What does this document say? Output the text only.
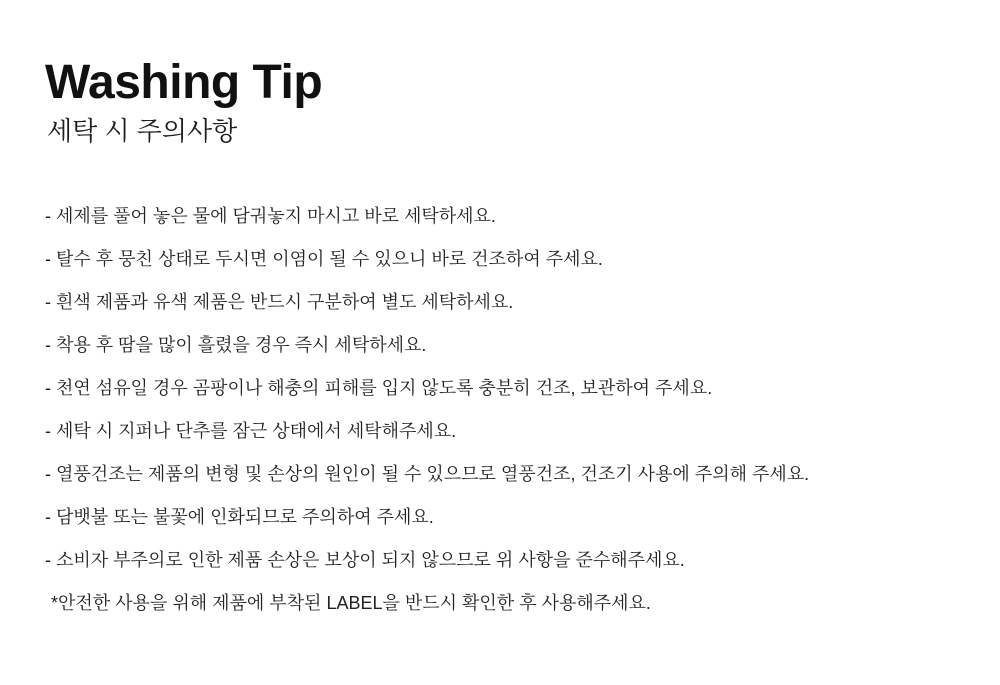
Washing Tip
세탁 시 주의사항
- 세제를 풀어 놓은 물에 담궈놓지 마시고 바로 세탁하세요.
- 탈수 후 뭉친 상태로 두시면 이염이 될 수 있으니 바로 건조하여 주세요.
- 흰색 제품과 유색 제품은 반드시 구분하여 별도 세탁하세요.
- 착용 후 땀을 많이 흘렸을 경우 즉시 세탁하세요.
- 천연 섬유일 경우 곰팡이나 해충의 피해를 입지 않도록 충분히 건조, 보관하여 주세요.
- 세탁 시 지퍼나 단추를 잠근 상태에서 세탁해주세요.
- 열풍건조는 제품의 변형 및 손상의 원인이 될 수 있으므로 열풍건조, 건조기 사용에 주의해 주세요.
- 담뱃불 또는 불꽃에 인화되므로 주의하여 주세요.
- 소비자 부주의로 인한 제품 손상은 보상이 되지 않으므로 위 사항을 준수해주세요.
*안전한 사용을 위해 제품에 부착된 LABEL을 반드시 확인한 후 사용해주세요.
